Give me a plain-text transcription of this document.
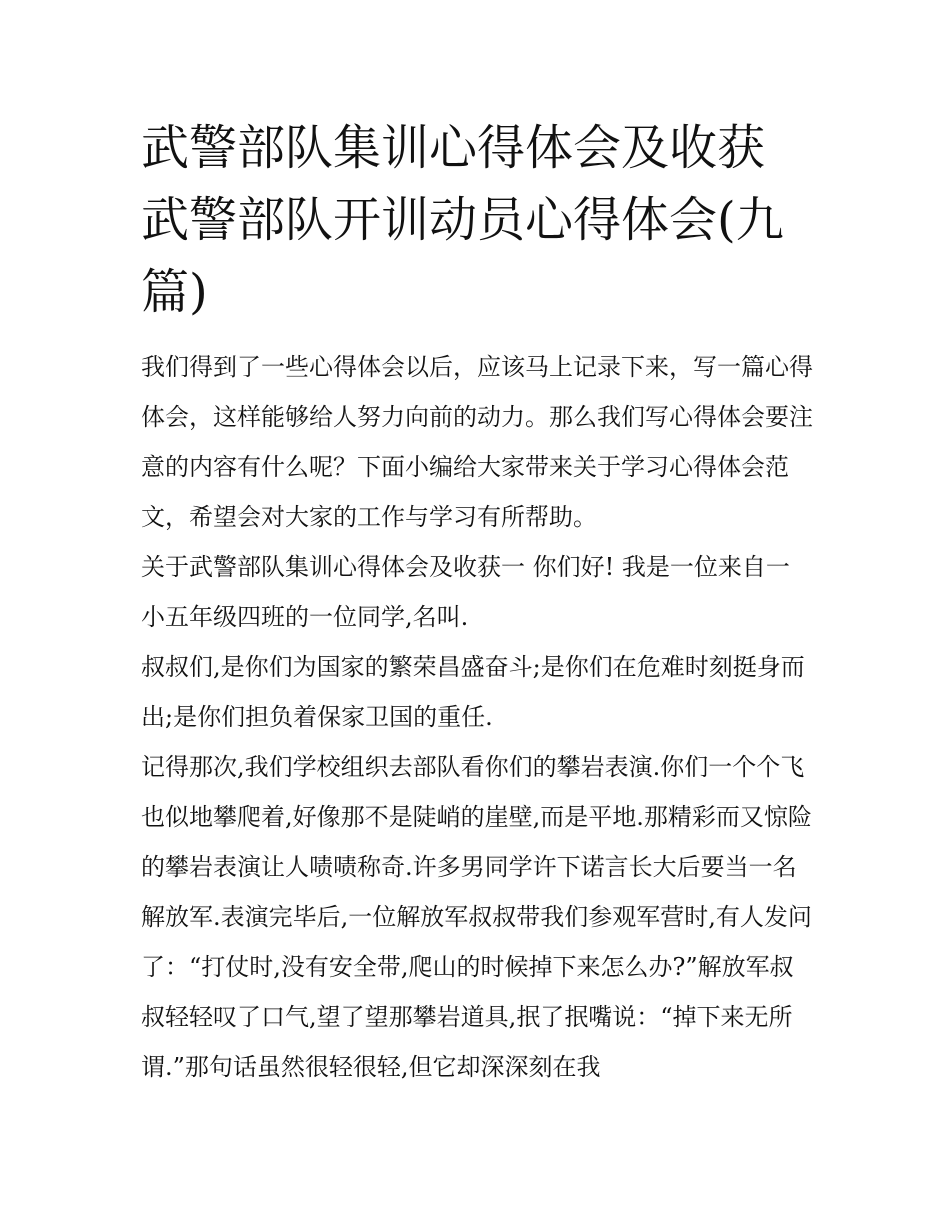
武警部队集训心得体会及收获 武警部队开训动员心得体会(九篇)

我们得到了一些心得体会以后，应该马上记录下来，写一篇心得体会，这样能够给人努力向前的动力。那么我们写心得体会要注意的内容有什么呢？下面小编给大家带来关于学习心得体会范文，希望会对大家的工作与学习有所帮助。

关于武警部队集训心得体会及收获一 你们好! 我是一位来自一小五年级四班的一位同学,名叫.

叔叔们,是你们为国家的繁荣昌盛奋斗;是你们在危难时刻挺身而出;是你们担负着保家卫国的重任.

记得那次,我们学校组织去部队看你们的攀岩表演.你们一个个飞也似地攀爬着,好像那不是陡峭的崖壁,而是平地.那精彩而又惊险的攀岩表演让人啧啧称奇.许多男同学许下诺言长大后要当一名解放军.表演完毕后,一位解放军叔叔带我们参观军营时,有人发问了：“打仗时,没有安全带,爬山的时候掉下来怎么办?”解放军叔叔轻轻叹了口气,望了望那攀岩道具,抿了抿嘴说：“掉下来无所谓.”那句话虽然很轻很轻,但它却深深刻在我
